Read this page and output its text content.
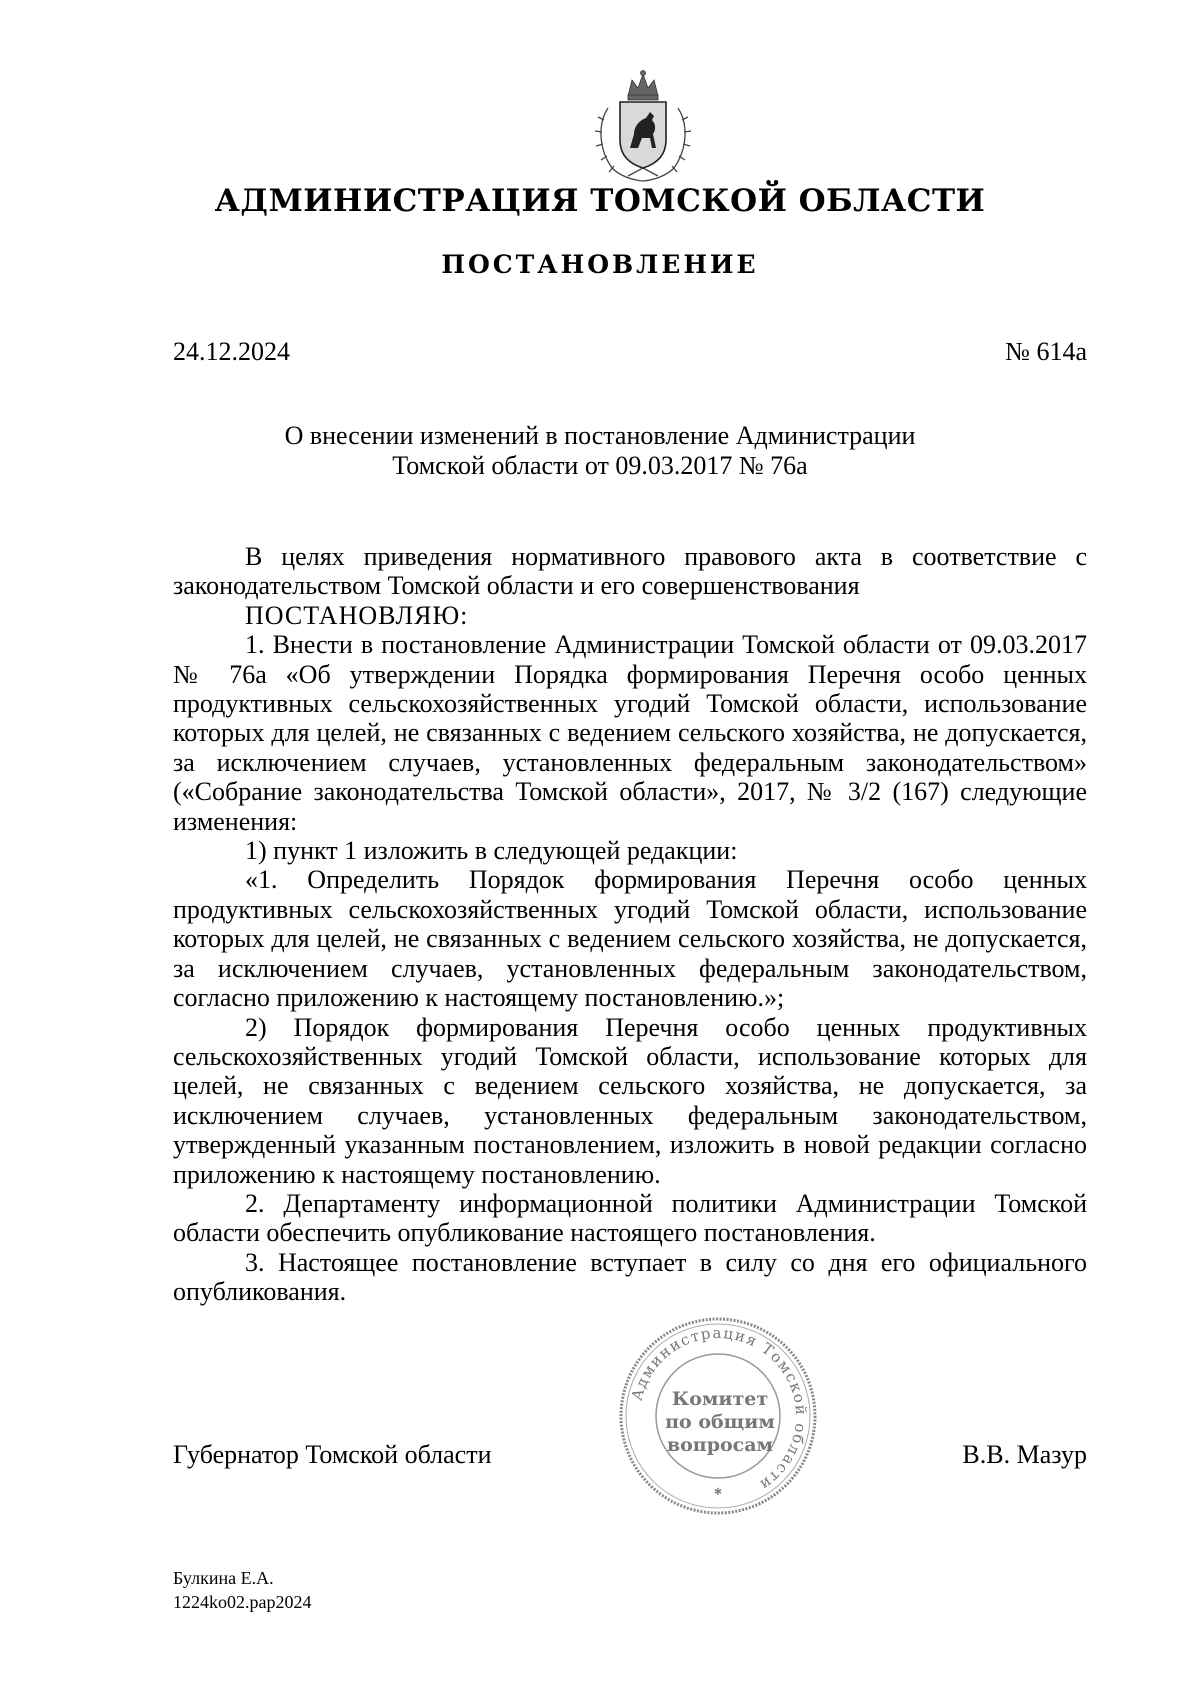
АДМИНИСТРАЦИЯ ТОМСКОЙ ОБЛАСТИ
ПОСТАНОВЛЕНИЕ
24.12.2024	№ 614а
О внесении изменений в постановление Администрации
Томской области от 09.03.2017 № 76а

В целях приведения нормативного правового акта в соответствие с законодательством Томской области и его совершенствования

ПОСТАНОВЛЯЮ:

1. Внести в постановление Администрации Томской области от 09.03.2017 № 76а «Об утверждении Порядка формирования Перечня особо ценных продуктивных сельскохозяйственных угодий Томской области, использование которых для целей, не связанных с ведением сельского хозяйства, не допускается, за исключением случаев, установленных федеральным законодательством» («Собрание законодательства Томской области», 2017, № 3/2 (167) следующие изменения:

1) пункт 1 изложить в следующей редакции:

«1. Определить Порядок формирования Перечня особо ценных продуктивных сельскохозяйственных угодий Томской области, использование которых для целей, не связанных с ведением сельского хозяйства, не допускается, за исключением случаев, установленных федеральным законодательством, согласно приложению к настоящему постановлению.»;

2) Порядок формирования Перечня особо ценных продуктивных сельскохозяйственных угодий Томской области, использование которых для целей, не связанных с ведением сельского хозяйства, не допускается, за исключением случаев, установленных федеральным законодательством, утвержденный указанным постановлением, изложить в новой редакции согласно приложению к настоящему постановлению.

2. Департаменту информационной политики Администрации Томской области обеспечить опубликование настоящего постановления.

3. Настоящее постановление вступает в силу со дня его официального опубликования.

Администрация Томской области
Комитет
по общим
вопросам
✱
Губернатор Томской области	В.В. Мазур
Булкина Е.А.
1224ko02.pap2024
